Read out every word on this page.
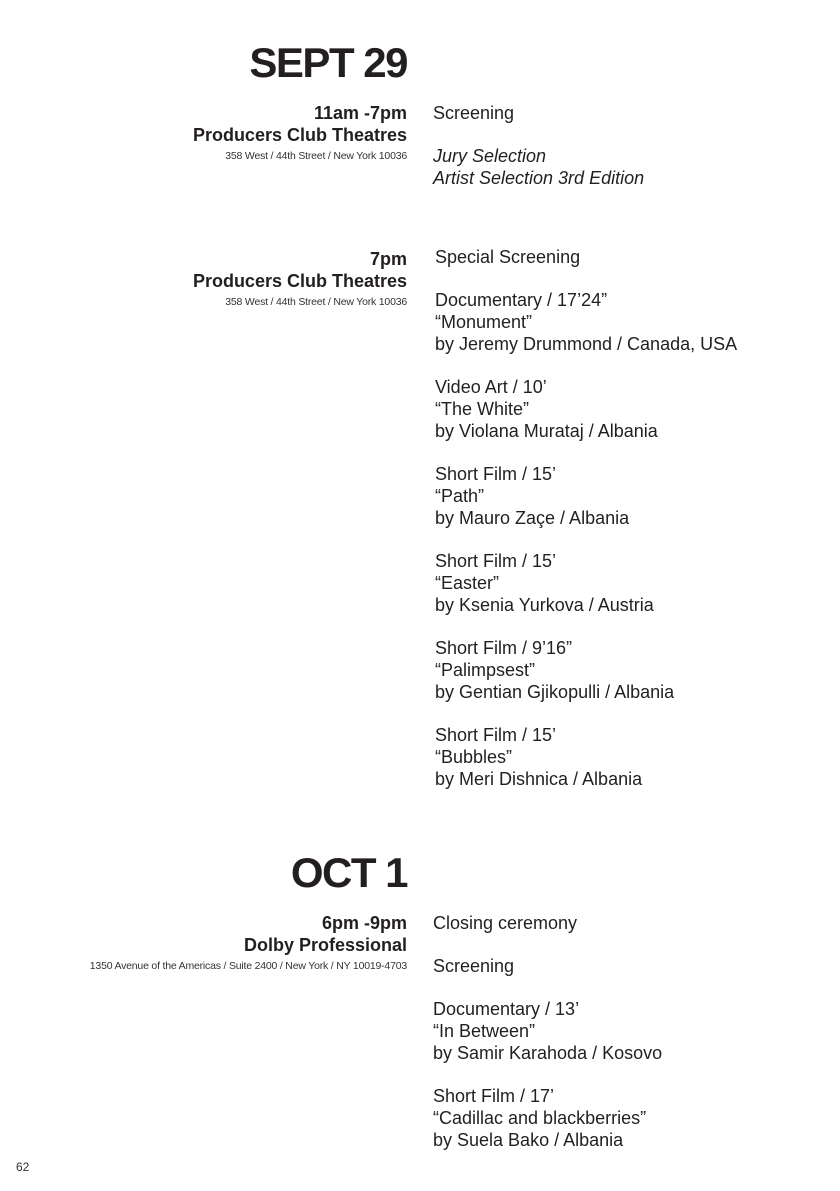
SEPT 29
11am -7pm
Producers Club Theatres
358 West / 44th Street / New York 10036
Screening
Jury Selection
Artist Selection 3rd Edition
7pm
Producers Club Theatres
358 West / 44th Street / New York 10036
Special Screening
Documentary / 17’24”
“Monument”
by Jeremy Drummond / Canada, USA
Video Art / 10’
“The White”
by Violana Murataj / Albania
Short Film / 15’
“Path”
by Mauro Zaçe / Albania
Short Film / 15’
“Easter”
by Ksenia Yurkova / Austria
Short Film / 9’16”
“Palimpsest”
by Gentian Gjikopulli / Albania
Short Film / 15’
“Bubbles”
by Meri Dishnica / Albania
OCT 1
6pm -9pm
Dolby Professional
1350 Avenue of the Americas / Suite 2400 / New York / NY 10019-4703
Closing ceremony
Screening
Documentary / 13’
“In Between”
by Samir Karahoda / Kosovo
Short Film / 17’
“Cadillac and blackberries”
by Suela Bako / Albania
62
